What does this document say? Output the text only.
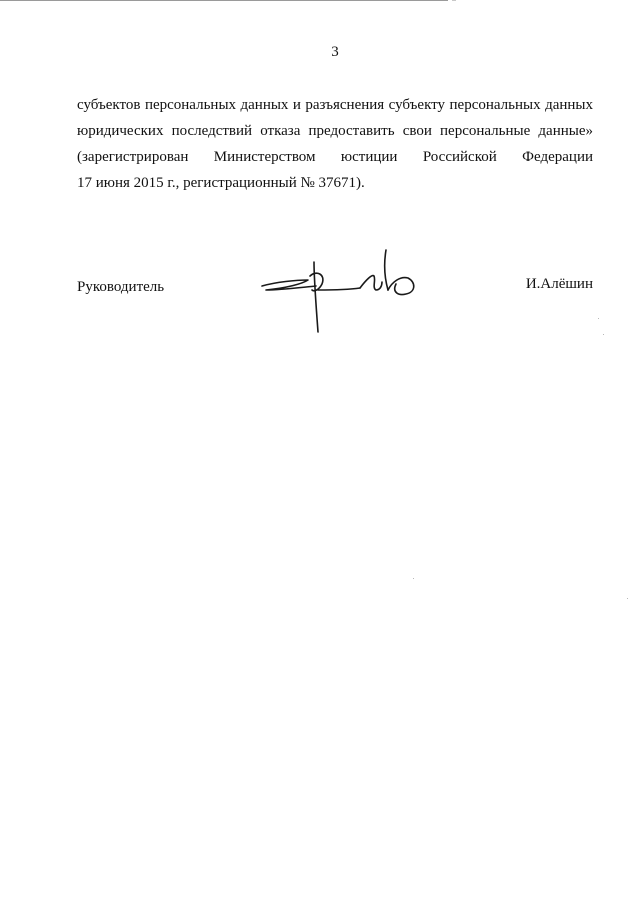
3
субъектов персональных данных и разъяснения субъекту персональных данных
юридических последствий отказа предоставить свои персональные данные»
(зарегистрирован Министерством юстиции Российской Федерации
17 июня 2015 г., регистрационный № 37671).
Руководитель	И.Алёшин
